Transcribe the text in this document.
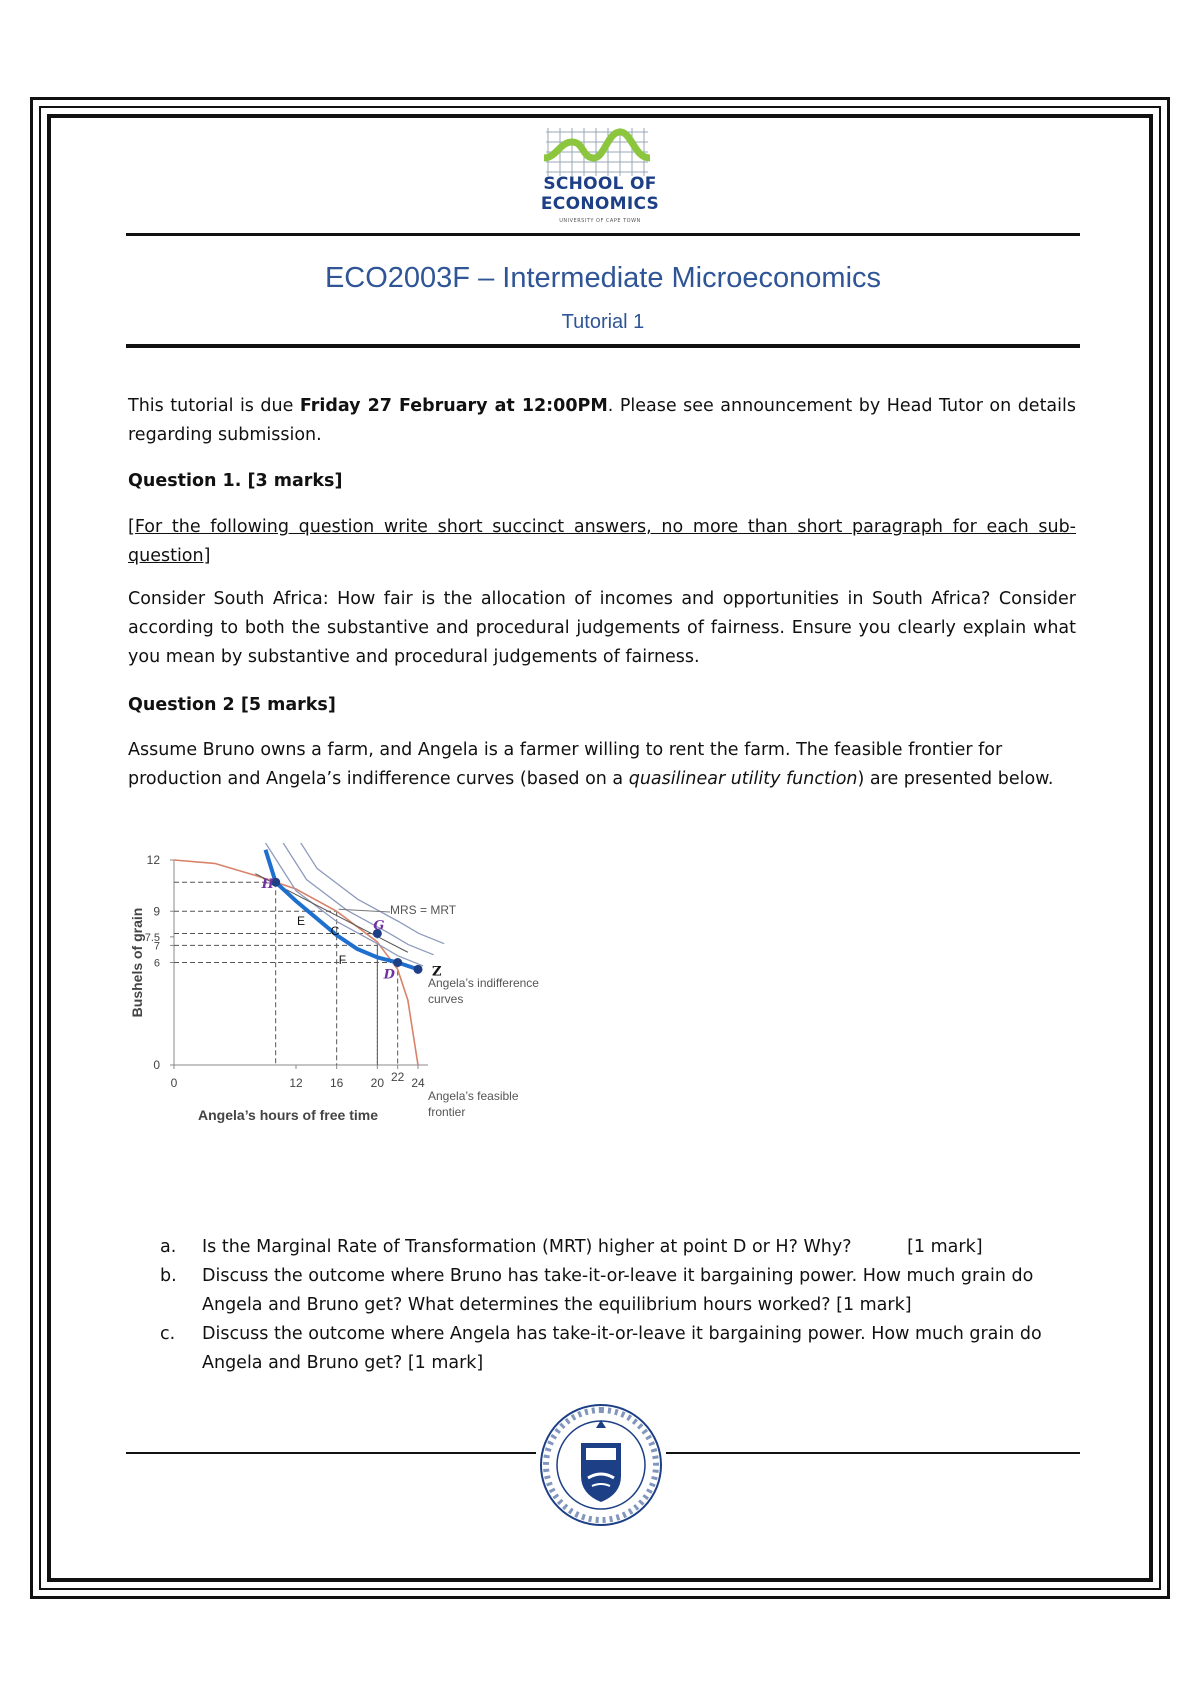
SCHOOL OF
ECONOMICS
UNIVERSITY OF CAPE TOWN
ECO2003F – Intermediate Microeconomics
Tutorial 1
This tutorial is due Friday 27 February at 12:00PM. Please see announcement by Head Tutor on details regarding submission.
Question 1. [3 marks]
[For the following question write short succinct answers, no more than short paragraph for each sub-question]
Consider South Africa: How fair is the allocation of incomes and opportunities in South Africa? Consider according to both the substantive and procedural judgements of fairness. Ensure you clearly explain what you mean by substantive and procedural judgements of fairness.
Question 2 [5 marks]
Assume Bruno owns a farm, and Angela is a farmer willing to rent the farm. The feasible frontier for production and Angela’s indifference curves (based on a quasilinear utility function) are presented below.
0
6
7
7.5
9
12
0	12 16 20 22 24
H
D
G
Z
E
C
F
MRS = MRT
Angela’s indifference
curves
Angela’s feasible
frontier
Angela’s hours of free time
Bushels of grain
a. Is the Marginal Rate of Transformation (MRT) higher at point D or H? Why?          [1 mark]
b. Discuss the outcome where Bruno has take-it-or-leave it bargaining power. How much grain do Angela and Bruno get? What determines the equilibrium hours worked? [1 mark]
c. Discuss the outcome where Angela has take-it-or-leave it bargaining power. How much grain do Angela and Bruno get? [1 mark]
